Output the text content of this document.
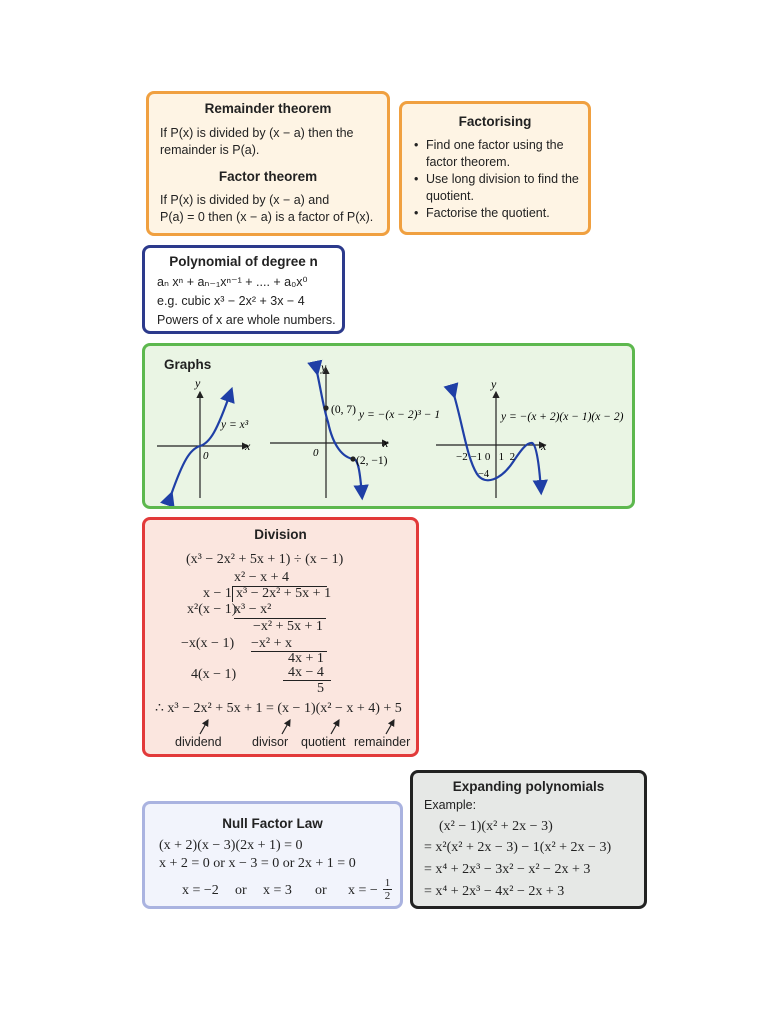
Remainder theorem
If P(x) is divided by (x − a) then the
remainder is P(a).
Factor theorem
If P(x) is divided by (x − a) and
P(a) = 0 then (x − a) is a factor of P(x).
Factorising
• Find one factor using the factor theorem.
• Use long division to find the quotient.
• Factorise the quotient.
Polynomial of degree n
aₙ xⁿ + aₙ₋₁xⁿ⁻¹ + .... + a₀x⁰
e.g. cubic x³ − 2x² + 3x − 4
Powers of x are whole numbers.
Graphs
y
x
0
y = x³
y
x
0
(0, 7)
(2, −1)
y = −(x − 2)³ − 1
y
x
−2 −1 0   1  2
−4
y = −(x + 2)(x − 1)(x − 2)
Division
(x³ − 2x² + 5x + 1) ÷ (x − 1)
x² − x + 4
x − 1 x³ − 2x² + 5x + 1
x²(x − 1)
x³ − x²
−x² + 5x + 1
−x(x − 1) −x² + x
4x + 1
4(x − 1)	4x − 4
5
∴ x³ − 2x² + 5x + 1 = (x − 1)(x² − x + 4) + 5
dividend divisor quotient remainder
Expanding polynomials
Example:
(x² − 1)(x² + 2x − 3)
= x²(x² + 2x − 3) − 1(x² + 2x − 3)
= x⁴ + 2x³ − 3x² − x² − 2x + 3
= x⁴ + 2x³ − 4x² − 2x + 3
Null Factor Law
(x + 2)(x − 3)(2x + 1) = 0
x + 2 = 0 or x − 3 = 0 or 2x + 1 = 0
x = −2 or x = 3 or x = − $\frac{1}{2}$
